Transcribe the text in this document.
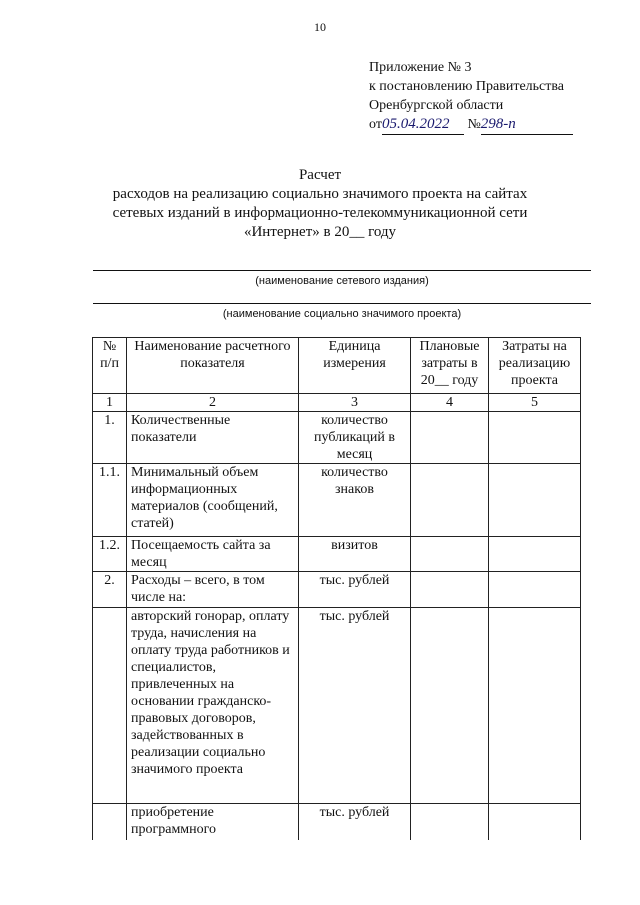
10
Приложение № 3
к постановлению Правительства
Оренбургской области
от05.04.2022 №298-п
Расчет
расходов на реализацию социально значимого проекта на сайтах
сетевых изданий в информационно-телекоммуникационной сети
«Интернет» в 20__ году
(наименование сетевого издания)
(наименование социально значимого проекта)
№ п/п	Наименование расчетного показателя	Единица измерения	Плановые затраты в 20__ году	Затраты на реализацию проекта
1	2	3	4	5
1.	Количественные показатели	количество публикаций в месяц		
1.1.	Минимальный объем информационных материалов (сообщений, статей)	количество знаков		
1.2.	Посещаемость сайта за месяц	визитов		
2.	Расходы – всего, в том числе на:	тыс. рублей		
	авторский гонорар, оплату труда, начисления на оплату труда работников и специалистов, привлеченных на основании гражданско-правовых договоров, задействованных в реализации социально значимого проекта	тыс. рублей		
	приобретение программного	тыс. рублей		
